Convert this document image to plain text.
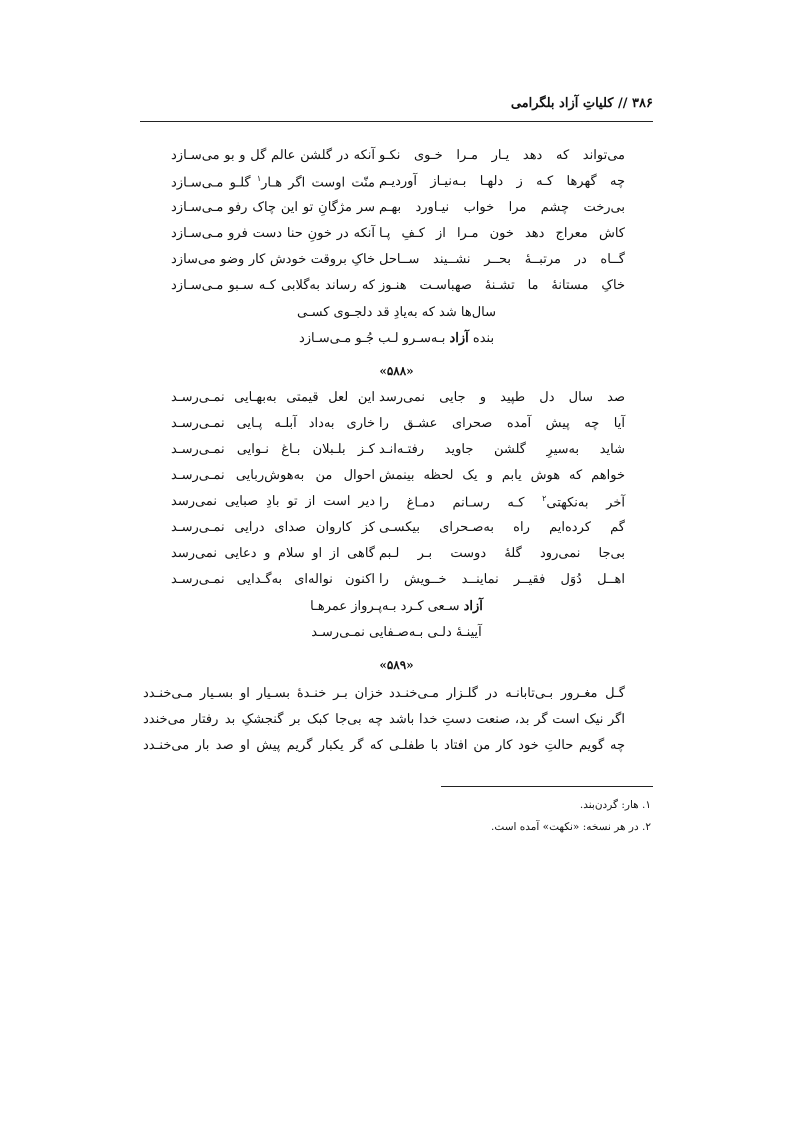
۳۸۶ // کلیاتِ آزاد بلگرامی
می‌تواند که دهد یـار مـرا خـوی نکـو
آنکه در گلشن عالم گل و بو می‌سـازد
چه گهرها کـه ز دلهـا بـه‌نیـاز آوردیـم
منّت اوست اگر هـار$^۱$ گلـو مـی‌سـازد
بی‌رخت چشم مرا خواب نیـاورد بهـم
سر مژگانِ تو این چاک رفو مـی‌سـازد
کاش معراج دهد خون مـرا از کـفِ پـا
آنکه در خونِ حنا دست فرو مـی‌سـازد
گــاه در مرتبــهٔ بحــر نشــیند ســاحل
خاکِ بروقت خودش کار وضو می‌سازد
خاکِ مستانهٔ ما تشـنهٔ صهباسـت هنـوز
که رساند به‌گلابی کـه سـبو مـی‌سـازد
سال‌ها شد که به‌یادِ قد دلجـوی کسـی
بنده آزاد بـه‌سـرو لـب جُـو مـی‌سـازد
«۵۸۸»
صد سال دل طپید و جایی نمی‌رسد
این لعل قیمتی به‌بهـایی نمـی‌رسـد
آیا چه پیش آمده صحرای عشـق را
خاری به‌داد آبلـه پـایی نمـی‌رسـد
شاید به‌سیرِ گلشن جاوید رفتـه‌انـد
کـز بلـبلان بـاغ نـوایی نمـی‌رسـد
خواهم که هوش یابم و یک لحظه بینمش
احوال من به‌هوش‌ربایی نمـی‌رسـد
آخر به‌نکهتی$^۲$ کـه رسـانم دمـاغ را
دیر است از تو بادِ صبایی نمی‌رسد
گم کرده‌ایم راه به‌صـحرای بیکسـی
کز کاروان صدای درایی نمـی‌رسـد
بی‌جا نمی‌رود گلهٔ دوست بـر لـبم
گاهی از او سلام و دعایی نمی‌رسد
اهــل دُوَل فقیــر نماینــد خــویش را
اکنون نواله‌ای به‌گـدایی نمـی‌رسـد
آزاد سـعی کـرد بـه‌پـرواز عمرهـا
آیینـهٔ دلـی بـه‌صـفایی نمـی‌رسـد
«۵۸۹»
گـل مغـرور بـی‌تابانـه در گلـزار مـی‌خنـدد
خزان بـر خنـدهٔ بسـیار او بسـیار مـی‌خنـدد
اگر نیک است گر بد، صنعت دستِ خدا باشد
چه بی‌جا کبک بر گنجشکِ بد رفتار می‌خندد
چه گویم حالتِ خود کار من افتاد با طفلـی
که گر یکبار گریم پیش او صد بار می‌خنـدد
۱. هار: گردن‌بند.
۲. در هر نسخه: «نکهت» آمده است.
